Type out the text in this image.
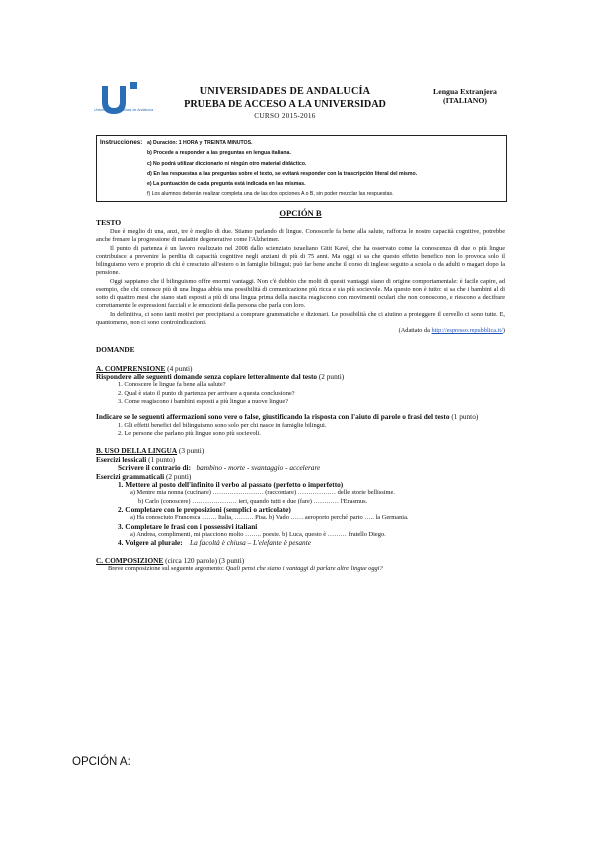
Universidades Públicas de Andalucía
UNIVERSIDADES DE ANDALUCÍA
PRUEBA DE ACCESO A LA UNIVERSIDAD
CURSO 2015-2016
Lengua Extranjera
(ITALIANO)
Instrucciones: a) Duración: 1 HORA y TREINTA MINUTOS.
b) Procede a responder a las preguntas en lengua italiana.
c) No podrá utilizar diccionario ni ningún otro material didáctico.
d) En las respuestas a las preguntas sobre el texto, se evitará responder con la trascripción literal del mismo.
e) La puntuación de cada pregunta está indicada en las mismas.
f) Los alumnos deberán realizar completa una de las dos opciones A o B, sin poder mezclar las respuestas.
OPCIÓN B
TESTO

Due è meglio di una, anzi, tre è meglio di due. Stiamo parlando di lingue. Conoscerle fa bene alla salute, rafforza le nostre capacità cognitive, potrebbe anche frenare la progressione di malattie degenerative come l'Alzheimer.

Il punto di partenza è un lavoro realizzato nel 2008 dallo scienziato israeliano Gitit Kavé, che ha osservato come la conoscenza di due o più lingue contribuisce a prevenire la perdita di capacità cognitive negli anziani di più di 75 anni. Ma oggi si sa che questo effetto benefico non lo provoca solo il bilinguismo vero e proprio di chi è cresciuto all'estero o in famiglie bilingui; può far bene anche il corso di inglese seguito a scuola o da adulti o magari dopo la pensione.

Oggi sappiamo che il bilinguismo offre enormi vantaggi. Non c'è dubbio che molti di questi vantaggi siano di origine comportamentale: è facile capire, ad esempio, che chi conosce più di una lingua abbia una possibilità di comunicazione più ricca e sia più socievole. Ma questo non è tutto: si sa che i bambini al di sotto di quattro mesi che siano stati esposti a più di una lingua prima della nascita reagiscono con movimenti oculari che non conoscono, e riescono a decifrare correttamente le espressioni facciali e le emozioni della persona che parla con loro.

In definitiva, ci sono tanti motivi per precipitarsi a comprare grammatiche e dizionari. Le possibilità che ci aiutino a proteggere il cervello ci sono tutte. E, quantomeno, non ci sono controindicazioni.

(Adattato da http://espresso.repubblica.it/)

DOMANDE
A. COMPRENSIONE (4 punti)
Rispondere alle seguenti domande senza copiare letteralmente dal testo (2 punti)
1. Conoscere le lingue fa bene alla salute?
2. Qual è stato il punto di partenza per arrivare a questa conclusione?
3. Come reagiscono i bambini esposti a più lingue a nuove lingue?
Indicare se le seguenti affermazioni sono vere o false, giustificando la risposta con l'aiuto di parole o frasi del testo (1 punto)
1. Gli effetti benefici del bilinguismo sono solo per chi nasce in famiglie bilingui.
2. Le persone che parlano più lingue sono più socievoli.
B. USO DELLA LINGUA (3 punti)
Esercizi lessicali (1 punto)
Scrivere il contrario di: bambino - morte - svantaggio - accelerare
Esercizi grammaticali (2 punti)
1. Mettere al posto dell'infinito il verbo al passato (perfetto o imperfetto)
a) Mentre mia nonna (cucinare) …………………… (raccontare) ……………… delle storie bellissime.
b) Carlo (conoscere) ………………… ieri, quando tutti e due (fare) ………… l'Erasmus.
2. Completare con le preposizioni (semplici o articolate)
a) Ha conosciuto Francesca ……. Italia, ……… Pisa. b) Vado …… aeroporto perché parto ….. la Germania.
3. Completare le frasi con i possessivi italiani
a) Andrea, complimenti, mi piacciono molto …….. poesie. b) Luca, questo è ……… fratello Diego.
4. Volgere al plurale: La facoltà è chiusa – L'elefante è pesante
C. COMPOSIZIONE (circa 120 parole) (3 punti)
Breve composizione sul seguente argomento: Quali pensi che siano i vantaggi di parlare altre lingue oggi?
OPCIÓN A:
